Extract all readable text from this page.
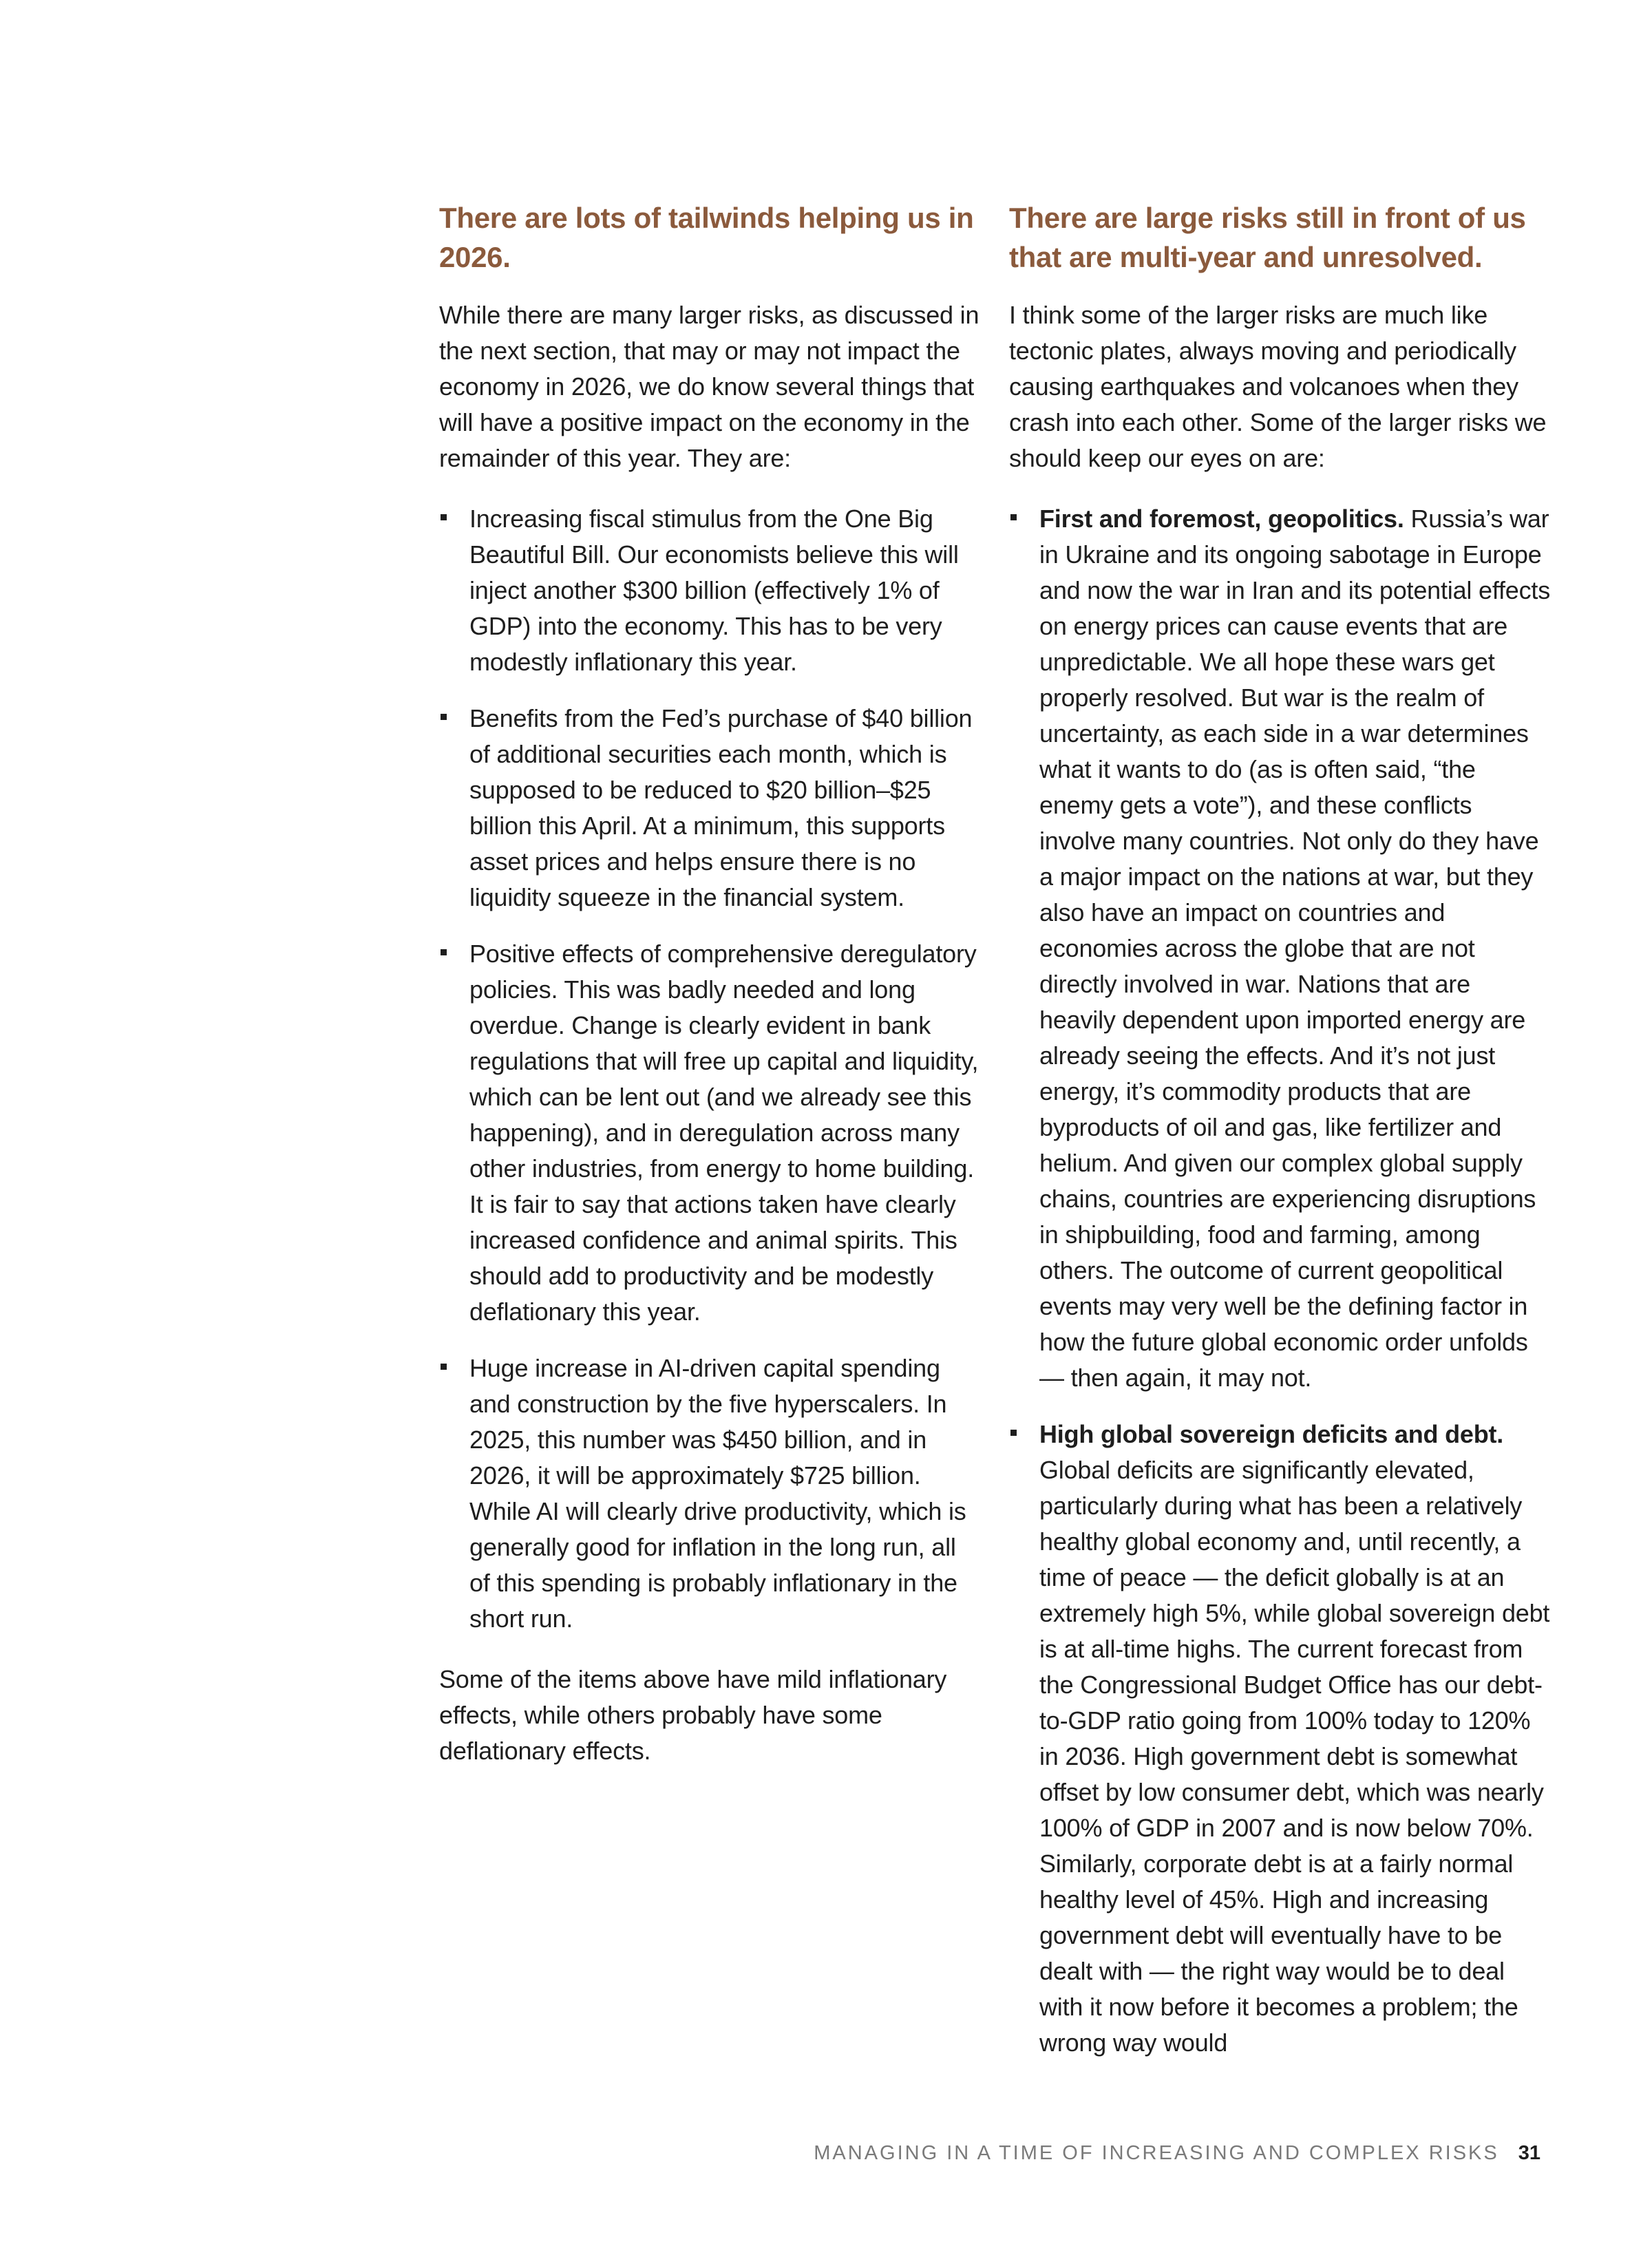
There are lots of tailwinds helping us in 2026.

While there are many larger risks, as discussed in the next section, that may or may not impact the economy in 2026, we do know several things that will have a positive impact on the economy in the remainder of this year. They are:

Increasing fiscal stimulus from the One Big Beautiful Bill. Our economists believe this will inject another $300 billion (effectively 1% of GDP) into the economy. This has to be very modestly inflationary this year.
Benefits from the Fed’s purchase of $40 billion of additional securities each month, which is supposed to be reduced to $20 billion–$25 billion this April. At a minimum, this supports asset prices and helps ensure there is no liquidity squeeze in the financial system.
Positive effects of comprehensive deregulatory policies. This was badly needed and long overdue. Change is clearly evident in bank regulations that will free up capital and liquidity, which can be lent out (and we already see this happening), and in deregulation across many other industries, from energy to home building. It is fair to say that actions taken have clearly increased confidence and animal spirits. This should add to productivity and be modestly deflationary this year.
Huge increase in AI-driven capital spending and construction by the five hyperscalers. In 2025, this number was $450 billion, and in 2026, it will be approximately $725 billion. While AI will clearly drive productivity, which is generally good for inflation in the long run, all of this spending is probably inflationary in the short run.

Some of the items above have mild inflationary effects, while others probably have some deflationary effects.

There are large risks still in front of us that are multi-year and unresolved.

I think some of the larger risks are much like tectonic plates, always moving and periodically causing earthquakes and volcanoes when they crash into each other. Some of the larger risks we should keep our eyes on are:

First and foremost, geopolitics. Russia’s war in Ukraine and its ongoing sabotage in Europe and now the war in Iran and its potential effects on energy prices can cause events that are unpredictable. We all hope these wars get properly resolved. But war is the realm of uncertainty, as each side in a war determines what it wants to do (as is often said, “the enemy gets a vote”), and these conflicts involve many countries. Not only do they have a major impact on the nations at war, but they also have an impact on countries and economies across the globe that are not directly involved in war. Nations that are heavily dependent upon imported energy are already seeing the effects. And it’s not just energy, it’s commodity products that are byproducts of oil and gas, like fertilizer and helium. And given our complex global supply chains, countries are experiencing disruptions in shipbuilding, food and farming, among others. The outcome of current geopolitical events may very well be the defining factor in how the future global economic order unfolds — then again, it may not.
High global sovereign deficits and debt. Global deficits are significantly elevated, particularly during what has been a relatively healthy global economy and, until recently, a time of peace — the deficit globally is at an extremely high 5%, while global sovereign debt is at all-time highs. The current forecast from the Congressional Budget Office has our debt-to-GDP ratio going from 100% today to 120% in 2036. High government debt is somewhat offset by low consumer debt, which was nearly 100% of GDP in 2007 and is now below 70%. Similarly, corporate debt is at a fairly normal healthy level of 45%. High and increasing government debt will eventually have to be dealt with — the right way would be to deal with it now before it becomes a problem; the wrong way would
MANAGING IN A TIME OF INCREASING AND COMPLEX RISKS 31
